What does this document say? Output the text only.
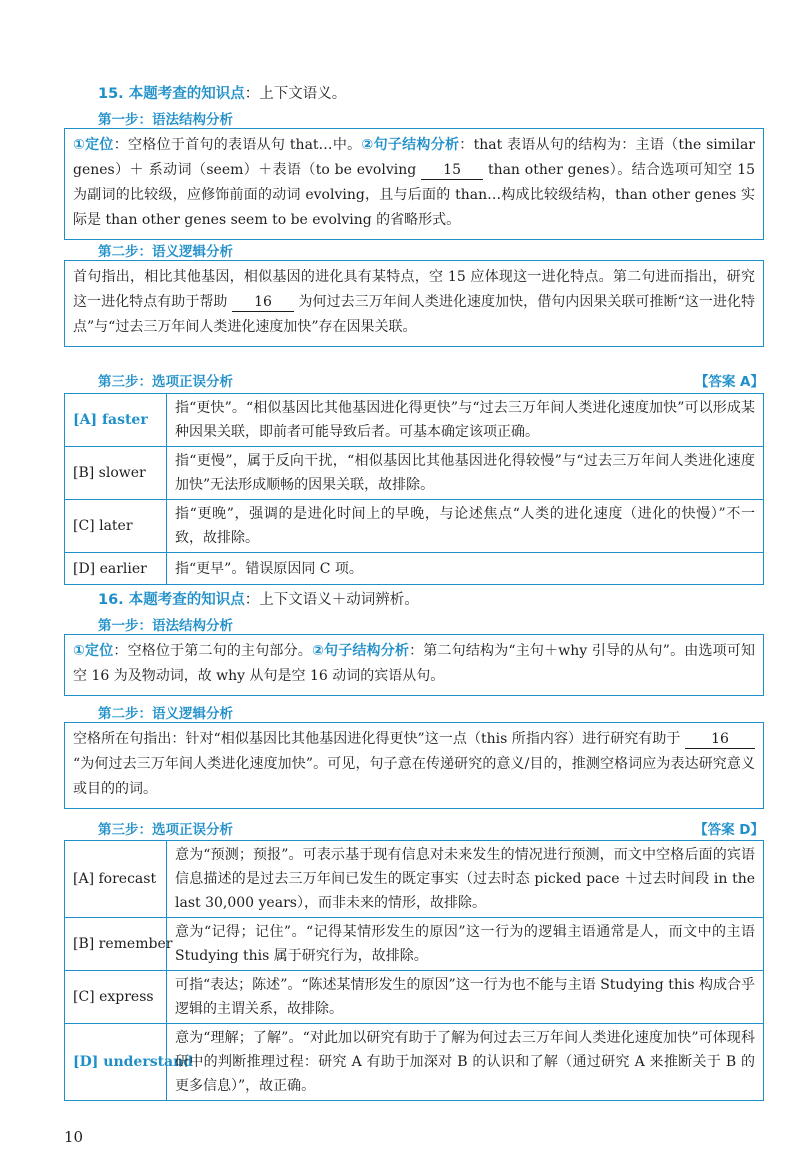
15. 本题考查的知识点：上下文语义。
第一步：语法结构分析
①定位：空格位于首句的表语从句 that…中。②句子结构分析：that 表语从句的结构为：主语（the similar genes）＋ 系动词（seem）＋表语（to be evolving 15 than other genes）。结合选项可知空 15 为副词的比较级，应修饰前面的动词 evolving，且与后面的 than…构成比较级结构，than other genes 实际是 than other genes seem to be evolving 的省略形式。
第二步：语义逻辑分析
首句指出，相比其他基因，相似基因的进化具有某特点，空 15 应体现这一进化特点。第二句进而指出，研究这一进化特点有助于帮助 16 为何过去三万年间人类进化速度加快，借句内因果关联可推断“这一进化特点”与“过去三万年间人类进化速度加快”存在因果关联。
第三步：选项正误分析	【答案 A】
[A] faster	指“更快”。“相似基因比其他基因进化得更快”与“过去三万年间人类进化速度加快”可以形成某种因果关联，即前者可能导致后者。可基本确定该项正确。
[B] slower	指“更慢”，属于反向干扰，“相似基因比其他基因进化得较慢”与“过去三万年间人类进化速度加快”无法形成顺畅的因果关联，故排除。
[C] later	指“更晚”，强调的是进化时间上的早晚，与论述焦点“人类的进化速度（进化的快慢）”不一致，故排除。
[D] earlier	指“更早”。错误原因同 C 项。
16. 本题考查的知识点：上下文语义＋动词辨析。
第一步：语法结构分析
①定位：空格位于第二句的主句部分。②句子结构分析：第二句结构为“主句＋why 引导的从句”。由选项可知空 16 为及物动词，故 why 从句是空 16 动词的宾语从句。
第二步：语义逻辑分析
空格所在句指出：针对“相似基因比其他基因进化得更快”这一点（this 所指内容）进行研究有助于 16 “为何过去三万年间人类进化速度加快”。可见，句子意在传递研究的意义/目的，推测空格词应为表达研究意义或目的的词。
第三步：选项正误分析	【答案 D】
[A] forecast	意为“预测；预报”。可表示基于现有信息对未来发生的情况进行预测，而文中空格后面的宾语信息描述的是过去三万年间已发生的既定事实（过去时态 picked pace ＋过去时间段 in the last 30,000 years），而非未来的情形，故排除。
[B] remember	意为“记得；记住”。“记得某情形发生的原因”这一行为的逻辑主语通常是人，而文中的主语 Studying this 属于研究行为，故排除。
[C] express	可指“表达；陈述”。“陈述某情形发生的原因”这一行为也不能与主语 Studying this 构成合乎逻辑的主谓关系，故排除。
[D] understand	意为“理解；了解”。“对此加以研究有助于了解为何过去三万年间人类进化速度加快”可体现科研中的判断推理过程：研究 A 有助于加深对 B 的认识和了解（通过研究 A 来推断关于 B 的更多信息）”，故正确。
10
